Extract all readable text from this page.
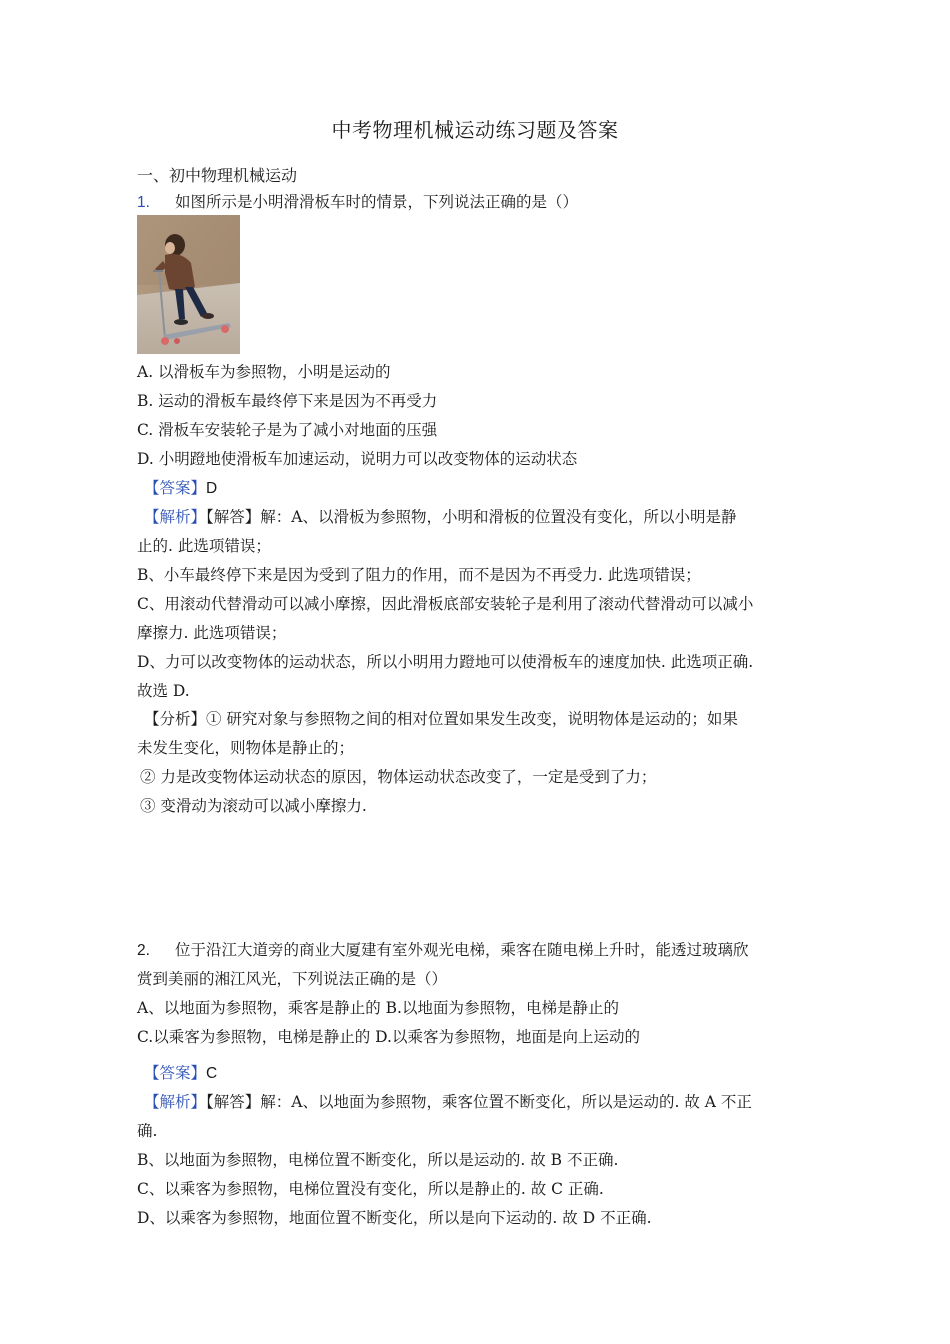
中考物理机械运动练习题及答案
一、初中物理机械运动
1. 如图所示是小明滑滑板车时的情景，下列说法正确的是（）
A. 以滑板车为参照物，小明是运动的
B. 运动的滑板车最终停下来是因为不再受力
C. 滑板车安装轮子是为了减小对地面的压强
D. 小明蹬地使滑板车加速运动，说明力可以改变物体的运动状态
【答案】D
【解析】【解答】解：A、以滑板为参照物，小明和滑板的位置没有变化，所以小明是静
止的. 此选项错误；
B、小车最终停下来是因为受到了阻力的作用，而不是因为不再受力. 此选项错误；
C、用滚动代替滑动可以减小摩擦，因此滑板底部安装轮子是利用了滚动代替滑动可以减小
摩擦力. 此选项错误；
D、力可以改变物体的运动状态，所以小明用力蹬地可以使滑板车的速度加快. 此选项正确.
故选 D.
【分析】① 研究对象与参照物之间的相对位置如果发生改变，说明物体是运动的；如果
未发生变化，则物体是静止的；
② 力是改变物体运动状态的原因，物体运动状态改变了，一定是受到了力；
③ 变滑动为滚动可以减小摩擦力.
2. 位于沿江大道旁的商业大厦建有室外观光电梯，乘客在随电梯上升时，能透过玻璃欣
赏到美丽的湘江风光，下列说法正确的是（）
A、以地面为参照物，乘客是静止的 B.以地面为参照物，电梯是静止的
C.以乘客为参照物，电梯是静止的 D.以乘客为参照物，地面是向上运动的
【答案】C
【解析】【解答】解：A、以地面为参照物，乘客位置不断变化，所以是运动的. 故 A 不正
确.
B、以地面为参照物，电梯位置不断变化，所以是运动的. 故 B 不正确.
C、以乘客为参照物，电梯位置没有变化，所以是静止的. 故 C 正确.
D、以乘客为参照物，地面位置不断变化，所以是向下运动的. 故 D 不正确.
